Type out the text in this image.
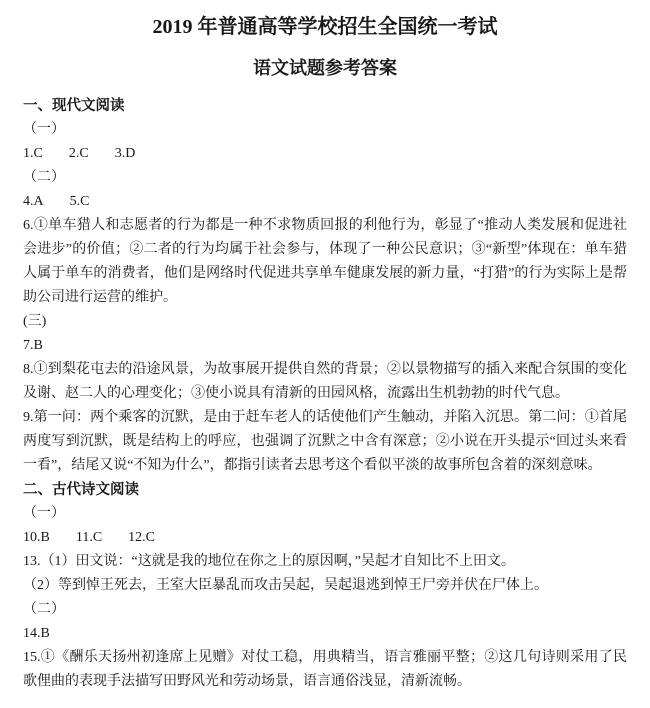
2019 年普通高等学校招生全国统一考试
语文试题参考答案
一、现代文阅读
（一）
1.C 2.C 3.D
（二）
4.A 5.C
6.①单车猎人和志愿者的行为都是一种不求物质回报的利他行为，彰显了“推动人类发展和促进社会进步”的价值；②二者的行为均属于社会参与，体现了一种公民意识；③“新型”体现在：单车猎人属于单车的消费者，他们是网络时代促进共享单车健康发展的新力量，“打猎”的行为实际上是帮助公司进行运营的维护。
(三)
7.B
8.①到梨花屯去的沿途风景，为故事展开提供自然的背景；②以景物描写的插入来配合氛围的变化及谢、赵二人的心理变化；③使小说具有清新的田园风格，流露出生机勃勃的时代气息。
9.第一问：两个乘客的沉默，是由于赶车老人的话使他们产生触动，并陷入沉思。第二问：①首尾两度写到沉默，既是结构上的呼应，也强调了沉默之中含有深意；②小说在开头提示“回过头来看一看”，结尾又说“不知为什么”，都指引读者去思考这个看似平淡的故事所包含着的深刻意味。
二、古代诗文阅读
（一）
10.B 11.C 12.C
13.（1）田文说：“这就是我的地位在你之上的原因啊，”吴起才自知比不上田文。
（2）等到悼王死去，王室大臣暴乱而攻击吴起，吴起退逃到悼王尸旁并伏在尸体上。
（二）
14.B
15.①《酬乐天扬州初逢席上见赠》对仗工稳，用典精当，语言雅丽平整；②这几句诗则采用了民歌俚曲的表现手法描写田野风光和劳动场景，语言通俗浅显，清新流畅。
